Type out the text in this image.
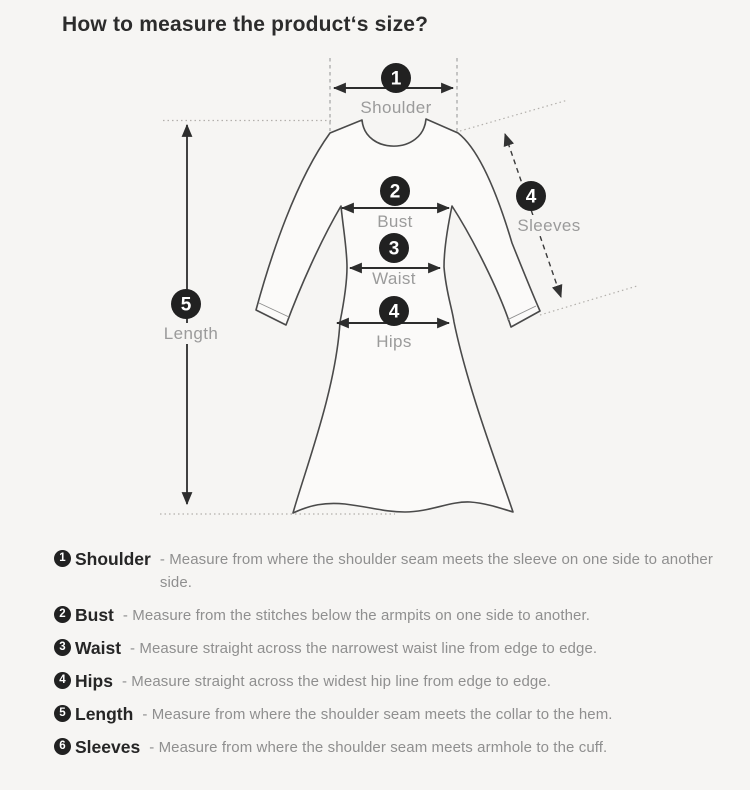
How to measure the product‘s size?
1
2
3
4
5
4
Shoulder
Bust
Waist
Hips
Length
Sleeves
1 Shoulder - Measure from where the shoulder seam meets the sleeve on one side to another side.
2 Bust - Measure from the stitches below the armpits on one side to another.
3 Waist - Measure straight across the narrowest waist line from edge to edge.
4 Hips - Measure straight across the widest hip line from edge to edge.
5 Length - Measure from where the shoulder seam meets the collar to the hem.
6 Sleeves - Measure from where the shoulder seam meets armhole to the cuff.
